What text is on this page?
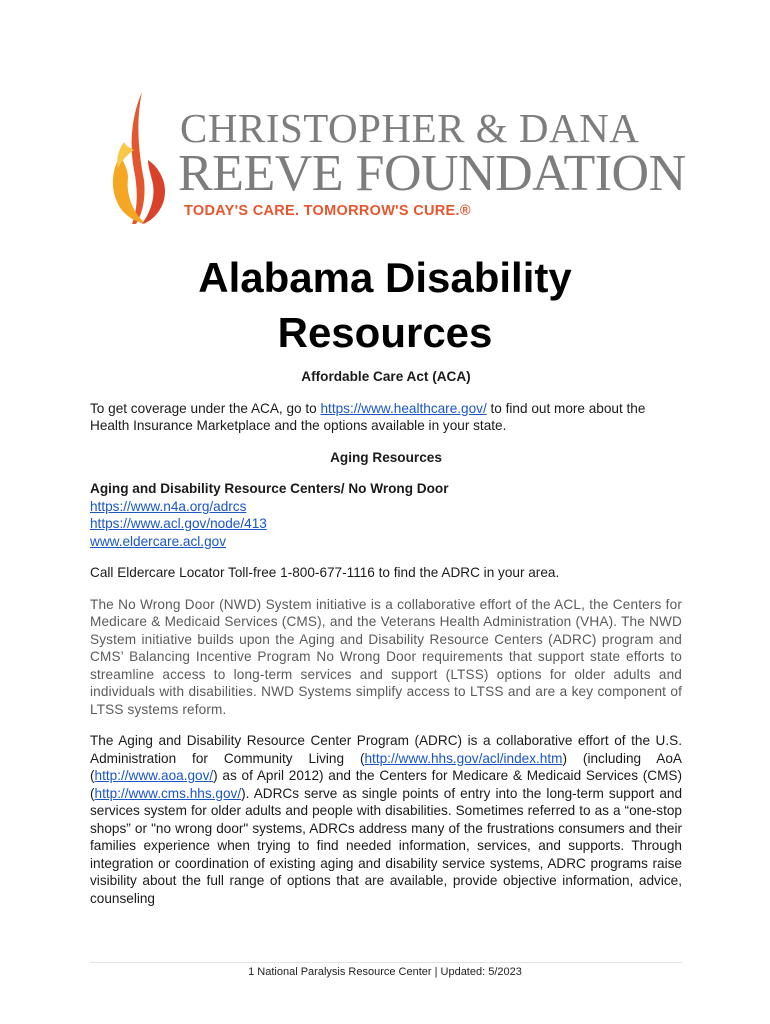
CHRISTOPHER & DANA
REEVE FOUNDATION
TODAY'S CARE. TOMORROW'S CURE.®
Alabama Disability
Resources
Affordable Care Act (ACA)

To get coverage under the ACA, go to https://www.healthcare.gov/ to find out more about the Health Insurance Marketplace and the options available in your state.

Aging Resources
Aging and Disability Resource Centers/ No Wrong Door
https://www.n4a.org/adrcs
https://www.acl.gov/node/413
www.eldercare.acl.gov

Call Eldercare Locator Toll-free 1-800-677-1116 to find the ADRC in your area.

The No Wrong Door (NWD) System initiative is a collaborative effort of the ACL, the Centers for Medicare & Medicaid Services (CMS), and the Veterans Health Administration (VHA). The NWD System initiative builds upon the Aging and Disability Resource Centers (ADRC) program and CMS’ Balancing Incentive Program No Wrong Door requirements that support state efforts to streamline access to long-term services and support (LTSS) options for older adults and individuals with disabilities. NWD Systems simplify access to LTSS and are a key component of LTSS systems reform.

The Aging and Disability Resource Center Program (ADRC) is a collaborative effort of the U.S. Administration for Community Living (http://www.hhs.gov/acl/index.htm) (including AoA (http://www.aoa.gov/) as of April 2012) and the Centers for Medicare & Medicaid Services (CMS) (http://www.cms.hhs.gov/). ADRCs serve as single points of entry into the long-term support and services system for older adults and people with disabilities. Sometimes referred to as a “one-stop shops” or "no wrong door" systems, ADRCs address many of the frustrations consumers and their families experience when trying to find needed information, services, and supports. Through integration or coordination of existing aging and disability service systems, ADRC programs raise visibility about the full range of options that are available, provide objective information, advice, counseling

1 National Paralysis Resource Center | Updated: 5/2023
